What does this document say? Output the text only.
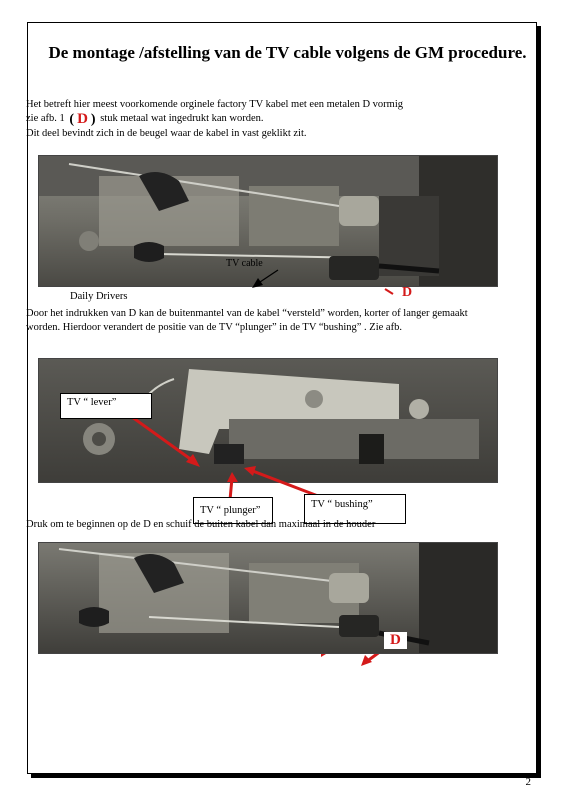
De montage /afstelling van de TV cable volgens de GM procedure.
Het betreft hier meest voorkomende orginele factory TV kabel met een metalen D vormig
zie afb. 1 ( D ) stuk metaal wat ingedrukt kan worden.
Dit deel bevindt zich in de beugel waar de kabel in vast geklikt zit.
TV cable
Daily Drivers	D
Door het indrukken van D kan de buitenmantel van de kabel “versteld” worden, korter of langer gemaakt worden. Hierdoor verandert de positie van de TV “plunger” in de TV “bushing” . Zie afb.
TV “ lever”
TV “ plunger”
TV “ bushing”
Druk om te beginnen op de D en schuif de buiten kabel dan maximaal in de houder
D
2
